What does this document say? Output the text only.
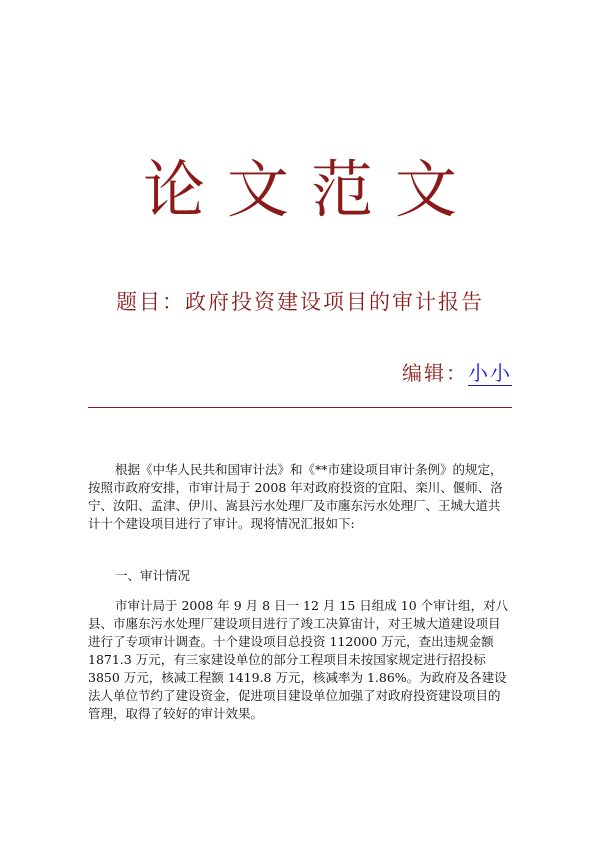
论文范文
题目：政府投资建设项目的审计报告
编辑：小小
根据《中华人民共和国审计法》和《**市建设项目审计条例》的规定，按照市政府安排，市审计局于 2008 年对政府投资的宜阳、栾川、偃师、洛宁、汝阳、孟津、伊川、嵩县污水处理厂及市廛东污水处理厂、王城大道共计十个建设项目进行了审计。现将情况汇报如下:
一、审计情况
市审计局于 2008 年 9 月 8 日一 12 月 15 日组成 10 个审计组，对八县、市廛东污水处理厂建设项目进行了竣工决算宙计，对王城大道建设项目进行了专项审计调查。十个建设项目总投资 112000 万元，查出违规金额 1871.3 万元，有三家建设单位的部分工程项目未按国家规定进行招投标 3850 万元，核减工程额 1419.8 万元，核减率为 1.86%。为政府及各建设法人单位节约了建设资金，促进项目建设单位加强了对政府投资建设项目的管理，取得了较好的审计效果。
